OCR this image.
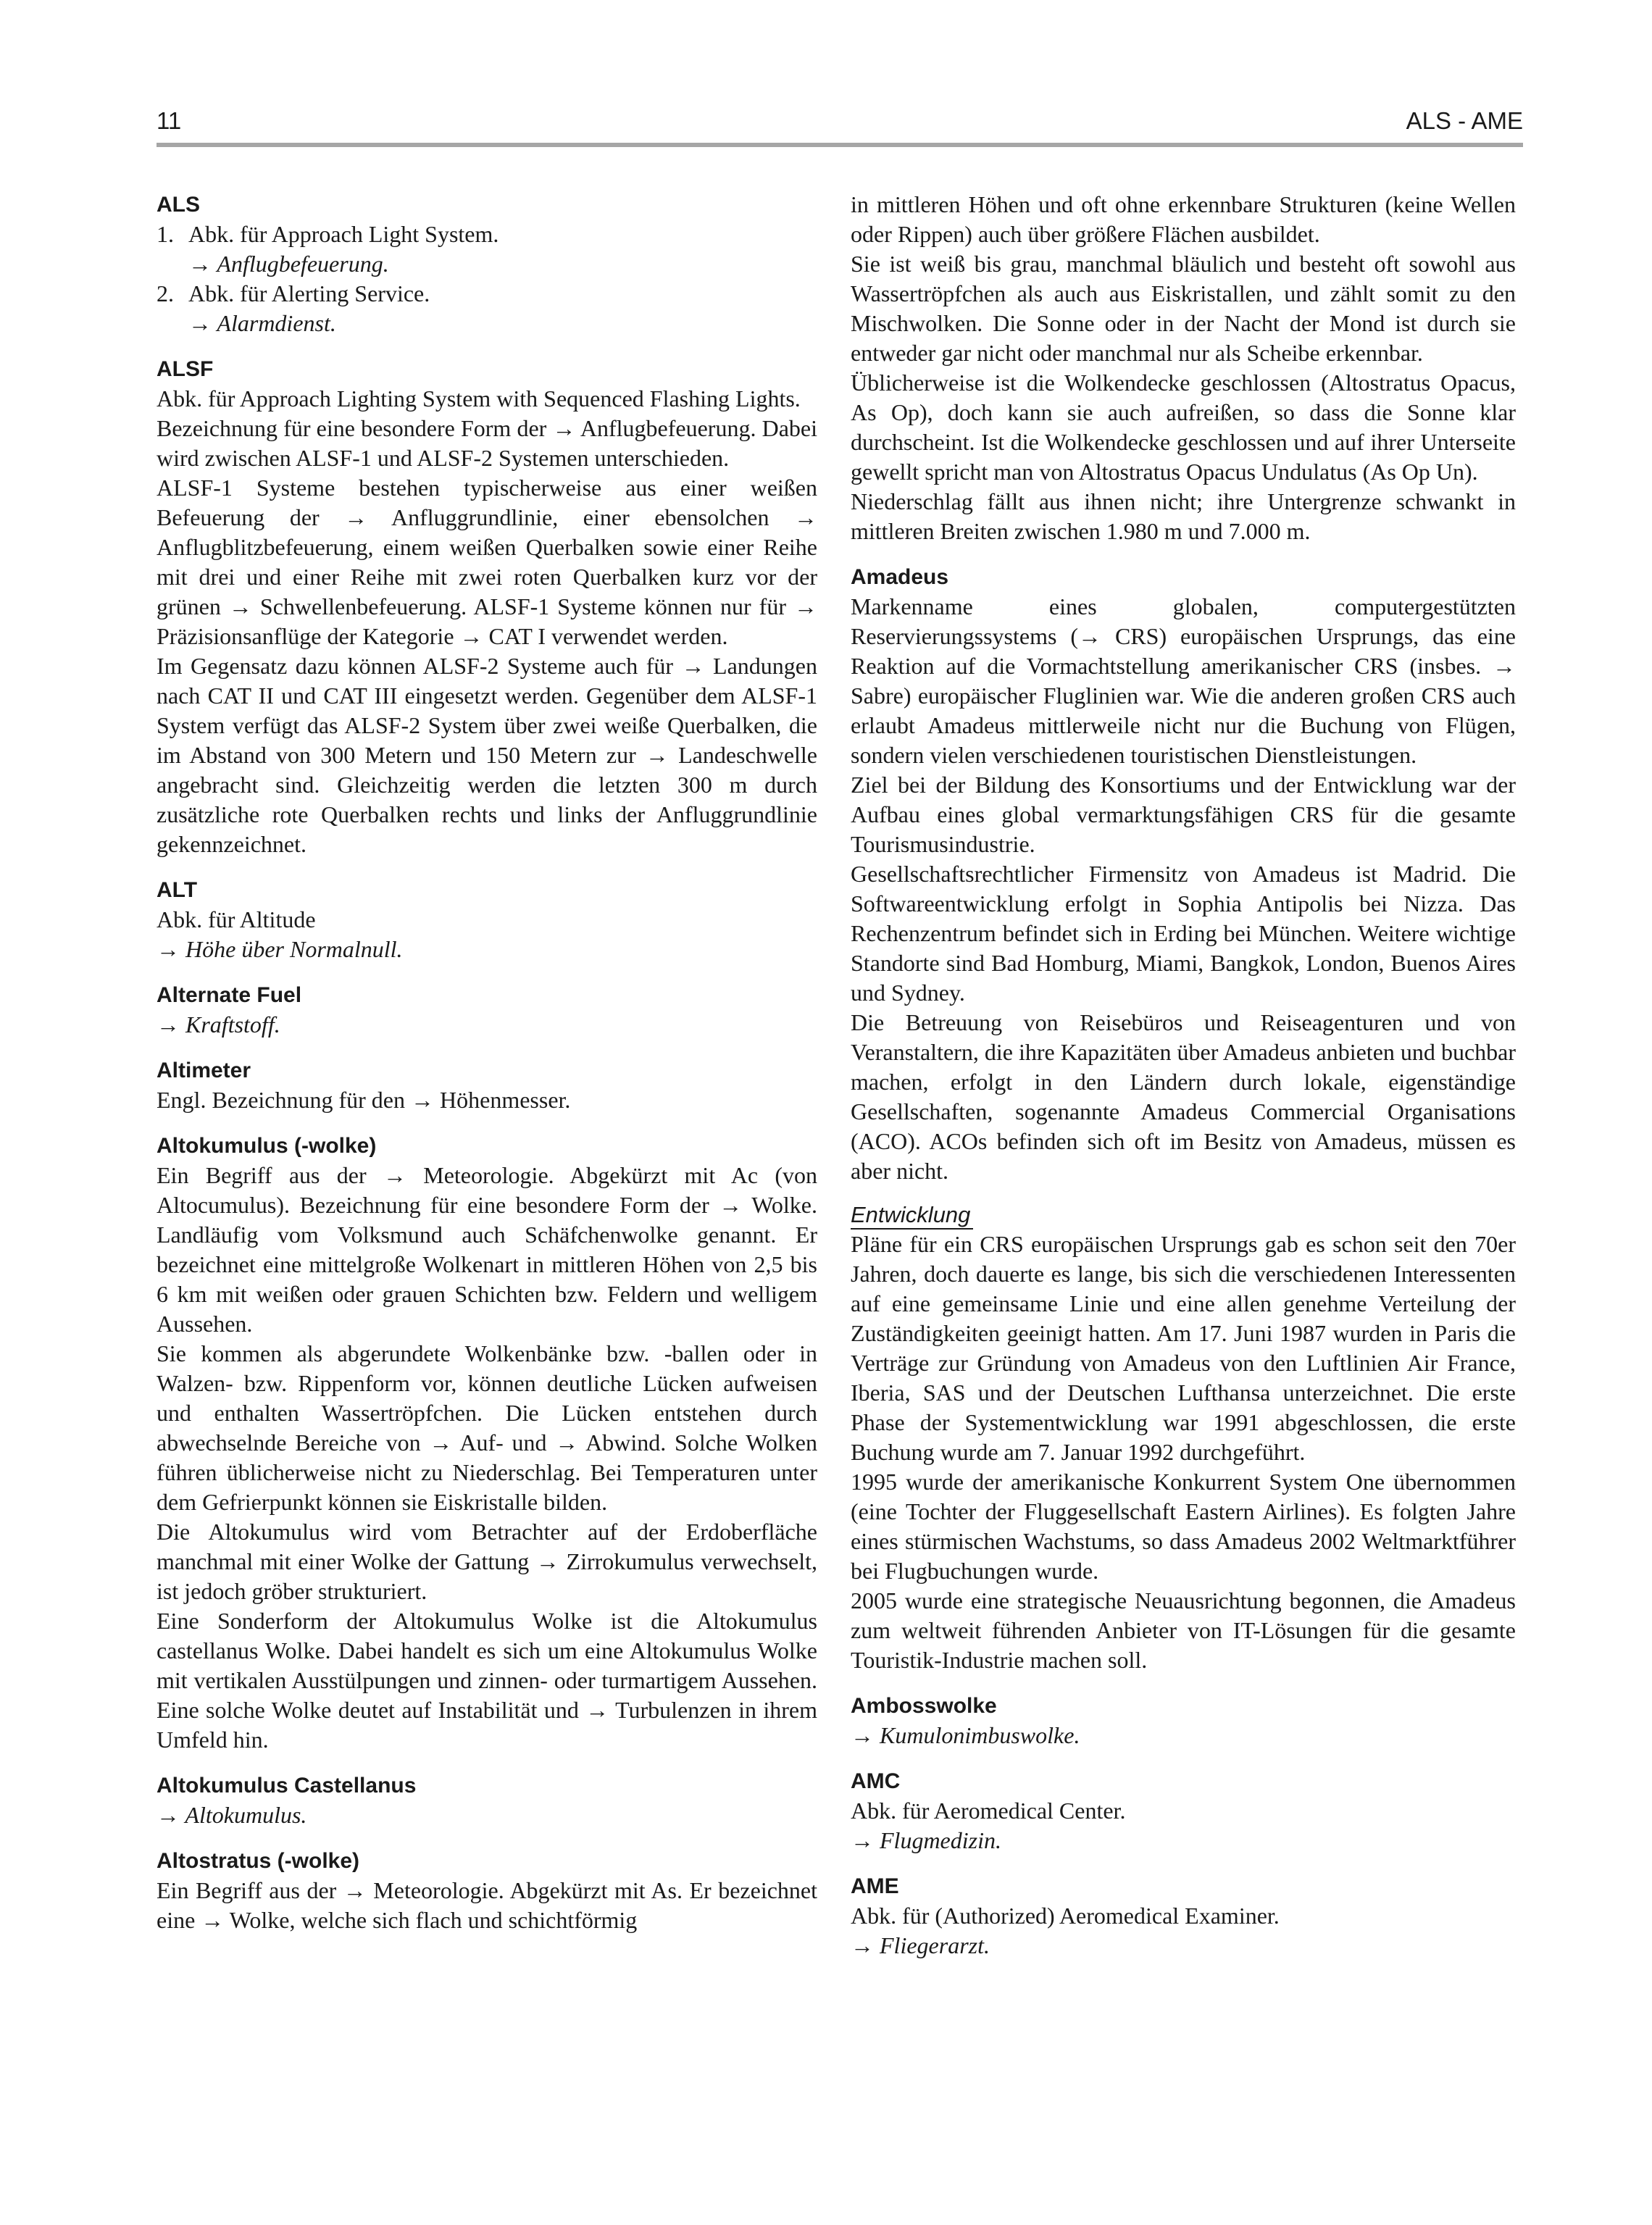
11	ALS - AME
ALS
1. Abk. für Approach Light System.
→ Anflugbefeuerung.
2. Abk. für Alerting Service.
→ Alarmdienst.
ALSF

Abk. für Approach Lighting System with Sequenced Flashing Lights.

Bezeichnung für eine besondere Form der → Anflugbefeuerung. Dabei wird zwischen ALSF-1 und ALSF-2 Systemen unterschieden.

ALSF-1 Systeme bestehen typischerweise aus einer weißen Befeuerung der → Anfluggrundlinie, einer ebensolchen → Anflugblitzbefeuerung, einem weißen Querbalken sowie einer Reihe mit drei und einer Reihe mit zwei roten Querbalken kurz vor der grünen → Schwellenbefeuerung. ALSF-1 Systeme können nur für → Präzisionsanflüge der Kategorie → CAT I verwendet werden.

Im Gegensatz dazu können ALSF-2 Systeme auch für → Landungen nach CAT II und CAT III eingesetzt werden. Gegenüber dem ALSF-1 System verfügt das ALSF-2 System über zwei weiße Querbalken, die im Abstand von 300 Metern und 150 Metern zur → Landeschwelle angebracht sind. Gleichzeitig werden die letzten 300 m durch zusätzliche rote Querbalken rechts und links der Anfluggrundlinie gekennzeichnet.

ALT

Abk. für Altitude

→ Höhe über Normalnull.

Alternate Fuel

→ Kraftstoff.

Altimeter

Engl. Bezeichnung für den → Höhenmesser.

Altokumulus (-wolke)

Ein Begriff aus der → Meteorologie. Abgekürzt mit Ac (von Altocumulus). Bezeichnung für eine besondere Form der → Wolke. Landläufig vom Volksmund auch Schäfchenwolke genannt. Er bezeichnet eine mittelgroße Wolkenart in mittleren Höhen von 2,5 bis 6 km mit weißen oder grauen Schichten bzw. Feldern und welligem Aussehen.

Sie kommen als abgerundete Wolkenbänke bzw. -ballen oder in Walzen- bzw. Rippenform vor, können deutliche Lücken aufweisen und enthalten Wassertröpfchen. Die Lücken entstehen durch abwechselnde Bereiche von → Auf- und → Abwind. Solche Wolken führen üblicherweise nicht zu Niederschlag. Bei Temperaturen unter dem Gefrierpunkt können sie Eiskristalle bilden.

Die Altokumulus wird vom Betrachter auf der Erdoberfläche manchmal mit einer Wolke der Gattung → Zirrokumulus verwechselt, ist jedoch gröber strukturiert.

Eine Sonderform der Altokumulus Wolke ist die Altokumulus castellanus Wolke. Dabei handelt es sich um eine Altokumulus Wolke mit vertikalen Ausstülpungen und zinnen- oder turmartigem Aussehen. Eine solche Wolke deutet auf Instabilität und → Turbulenzen in ihrem Umfeld hin.

Altokumulus Castellanus

→ Altokumulus.

Altostratus (-wolke)

Ein Begriff aus der → Meteorologie. Abgekürzt mit As. Er bezeichnet eine → Wolke, welche sich flach und schichtförmig

in mittleren Höhen und oft ohne erkennbare Strukturen (keine Wellen oder Rippen) auch über größere Flächen ausbildet.

Sie ist weiß bis grau, manchmal bläulich und besteht oft sowohl aus Wassertröpfchen als auch aus Eiskristallen, und zählt somit zu den Mischwolken. Die Sonne oder in der Nacht der Mond ist durch sie entweder gar nicht oder manchmal nur als Scheibe erkennbar.

Üblicherweise ist die Wolkendecke geschlossen (Altostratus Opacus, As Op), doch kann sie auch aufreißen, so dass die Sonne klar durchscheint. Ist die Wolkendecke geschlossen und auf ihrer Unterseite gewellt spricht man von Altostratus Opacus Undulatus (As Op Un).

Niederschlag fällt aus ihnen nicht; ihre Untergrenze schwankt in mittleren Breiten zwischen 1.980 m und 7.000 m.

Amadeus

Markenname eines globalen, computergestützten Reservierungssystems (→ CRS) europäischen Ursprungs, das eine Reaktion auf die Vormachtstellung amerikanischer CRS (insbes. → Sabre) europäischer Fluglinien war. Wie die anderen großen CRS auch erlaubt Amadeus mittlerweile nicht nur die Buchung von Flügen, sondern vielen verschiedenen touristischen Dienstleistungen.

Ziel bei der Bildung des Konsortiums und der Entwicklung war der Aufbau eines global vermarktungsfähigen CRS für die gesamte Tourismusindustrie.

Gesellschaftsrechtlicher Firmensitz von Amadeus ist Madrid. Die Softwareentwicklung erfolgt in Sophia Antipolis bei Nizza. Das Rechenzentrum befindet sich in Erding bei München. Weitere wichtige Standorte sind Bad Homburg, Miami, Bangkok, London, Buenos Aires und Sydney.

Die Betreuung von Reisebüros und Reiseagenturen und von Veranstaltern, die ihre Kapazitäten über Amadeus anbieten und buchbar machen, erfolgt in den Ländern durch lokale, eigenständige Gesellschaften, sogenannte Amadeus Commercial Organisations (ACO). ACOs befinden sich oft im Besitz von Amadeus, müssen es aber nicht.

Entwicklung

Pläne für ein CRS europäischen Ursprungs gab es schon seit den 70er Jahren, doch dauerte es lange, bis sich die verschiedenen Interessenten auf eine gemeinsame Linie und eine allen genehme Verteilung der Zuständigkeiten geeinigt hatten. Am 17. Juni 1987 wurden in Paris die Verträge zur Gründung von Amadeus von den Luftlinien Air France, Iberia, SAS und der Deutschen Lufthansa unterzeichnet. Die erste Phase der Systementwicklung war 1991 abgeschlossen, die erste Buchung wurde am 7. Januar 1992 durchgeführt.

1995 wurde der amerikanische Konkurrent System One übernommen (eine Tochter der Fluggesellschaft Eastern Airlines). Es folgten Jahre eines stürmischen Wachstums, so dass Amadeus 2002 Weltmarktführer bei Flugbuchungen wurde.

2005 wurde eine strategische Neuausrichtung begonnen, die Amadeus zum weltweit führenden Anbieter von IT-Lösungen für die gesamte Touristik-Industrie machen soll.

Ambosswolke

→ Kumulonimbuswolke.

AMC

Abk. für Aeromedical Center.

→ Flugmedizin.

AME

Abk. für (Authorized) Aeromedical Examiner.

→ Fliegerarzt.
